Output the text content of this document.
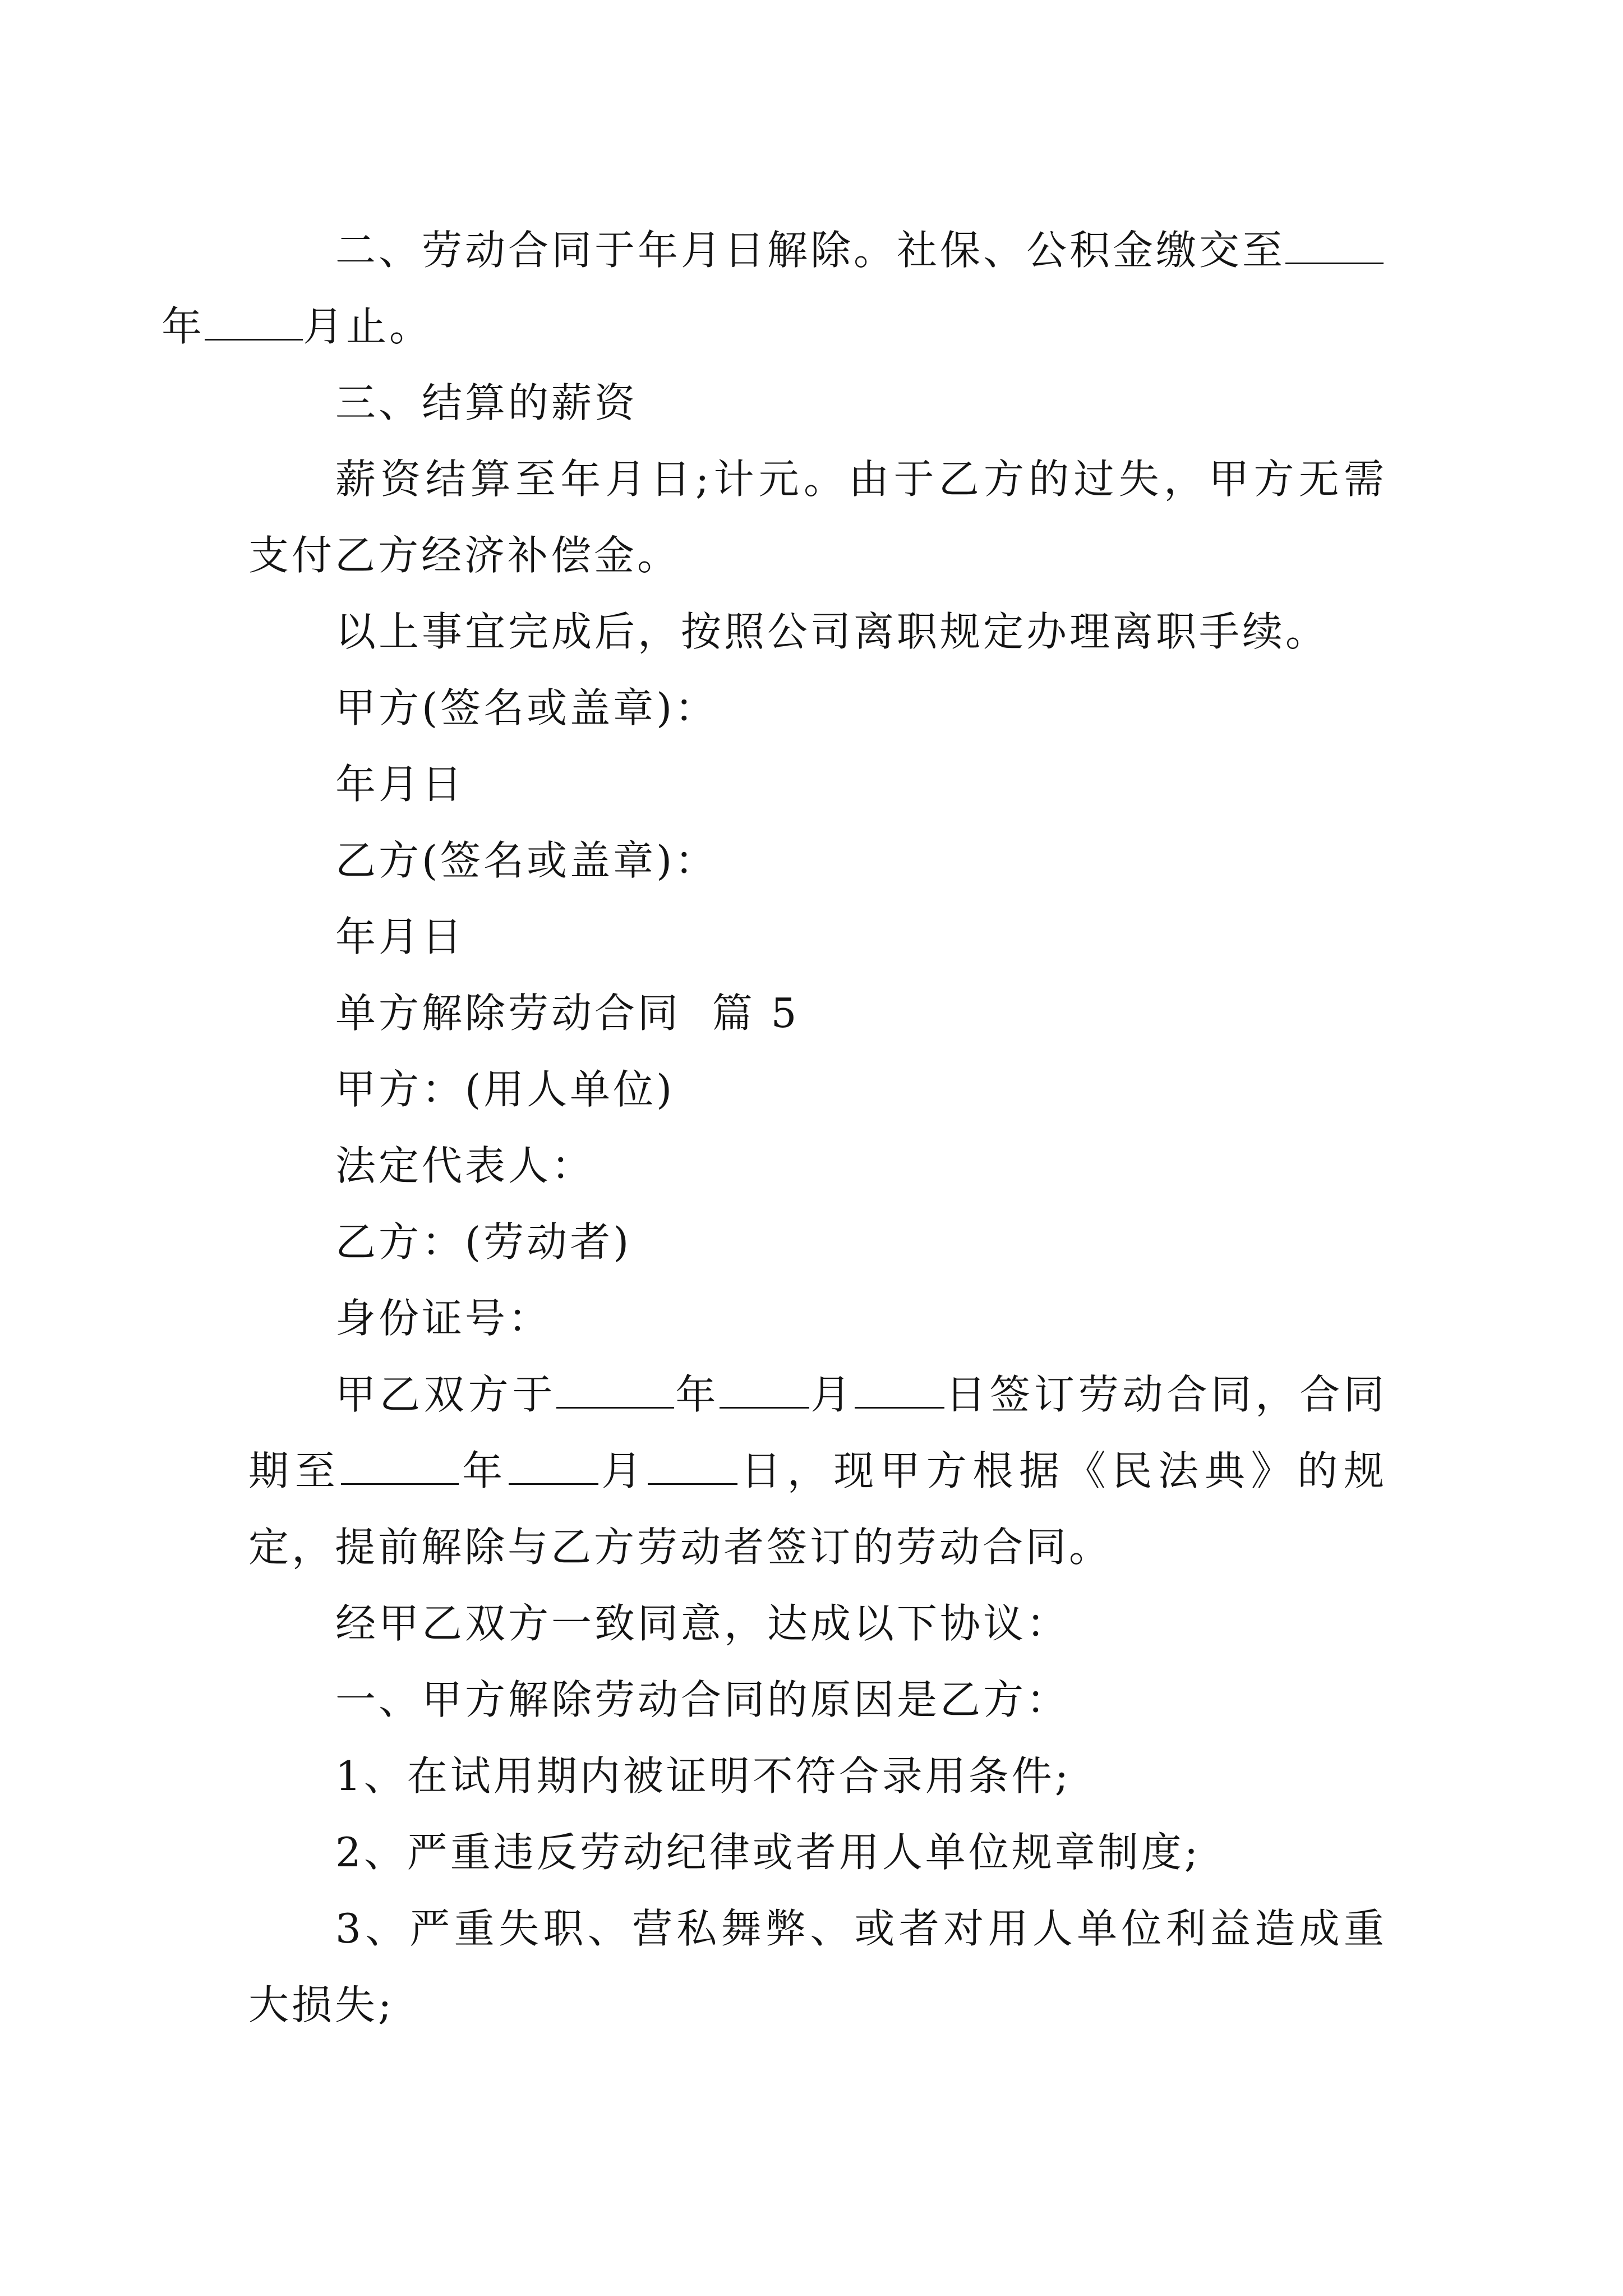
二、劳动合同于年月日解除。社保、公积金缴交至
年 月止。

三、结算的薪资

薪资结算至年月日;计元。由于乙方的过失，甲方无需支付乙方经济补偿金。

以上事宜完成后，按照公司离职规定办理离职手续。

甲方(签名或盖章)：

年月日

乙方(签名或盖章)：

年月日

单方解除劳动合同  篇 5

甲方：(用人单位)

法定代表人：

乙方：(劳动者)

身份证号：

甲乙双方于	年 月 日签订劳动合同，合同期至	年 月 日，现甲方根据《民法典》的规定，提前解除与乙方劳动者签订的劳动合同。

经甲乙双方一致同意，达成以下协议：

一、甲方解除劳动合同的原因是乙方：

1、在试用期内被证明不符合录用条件;

2、严重违反劳动纪律或者用人单位规章制度;

3、严重失职、营私舞弊、或者对用人单位利益造成重大损失;
